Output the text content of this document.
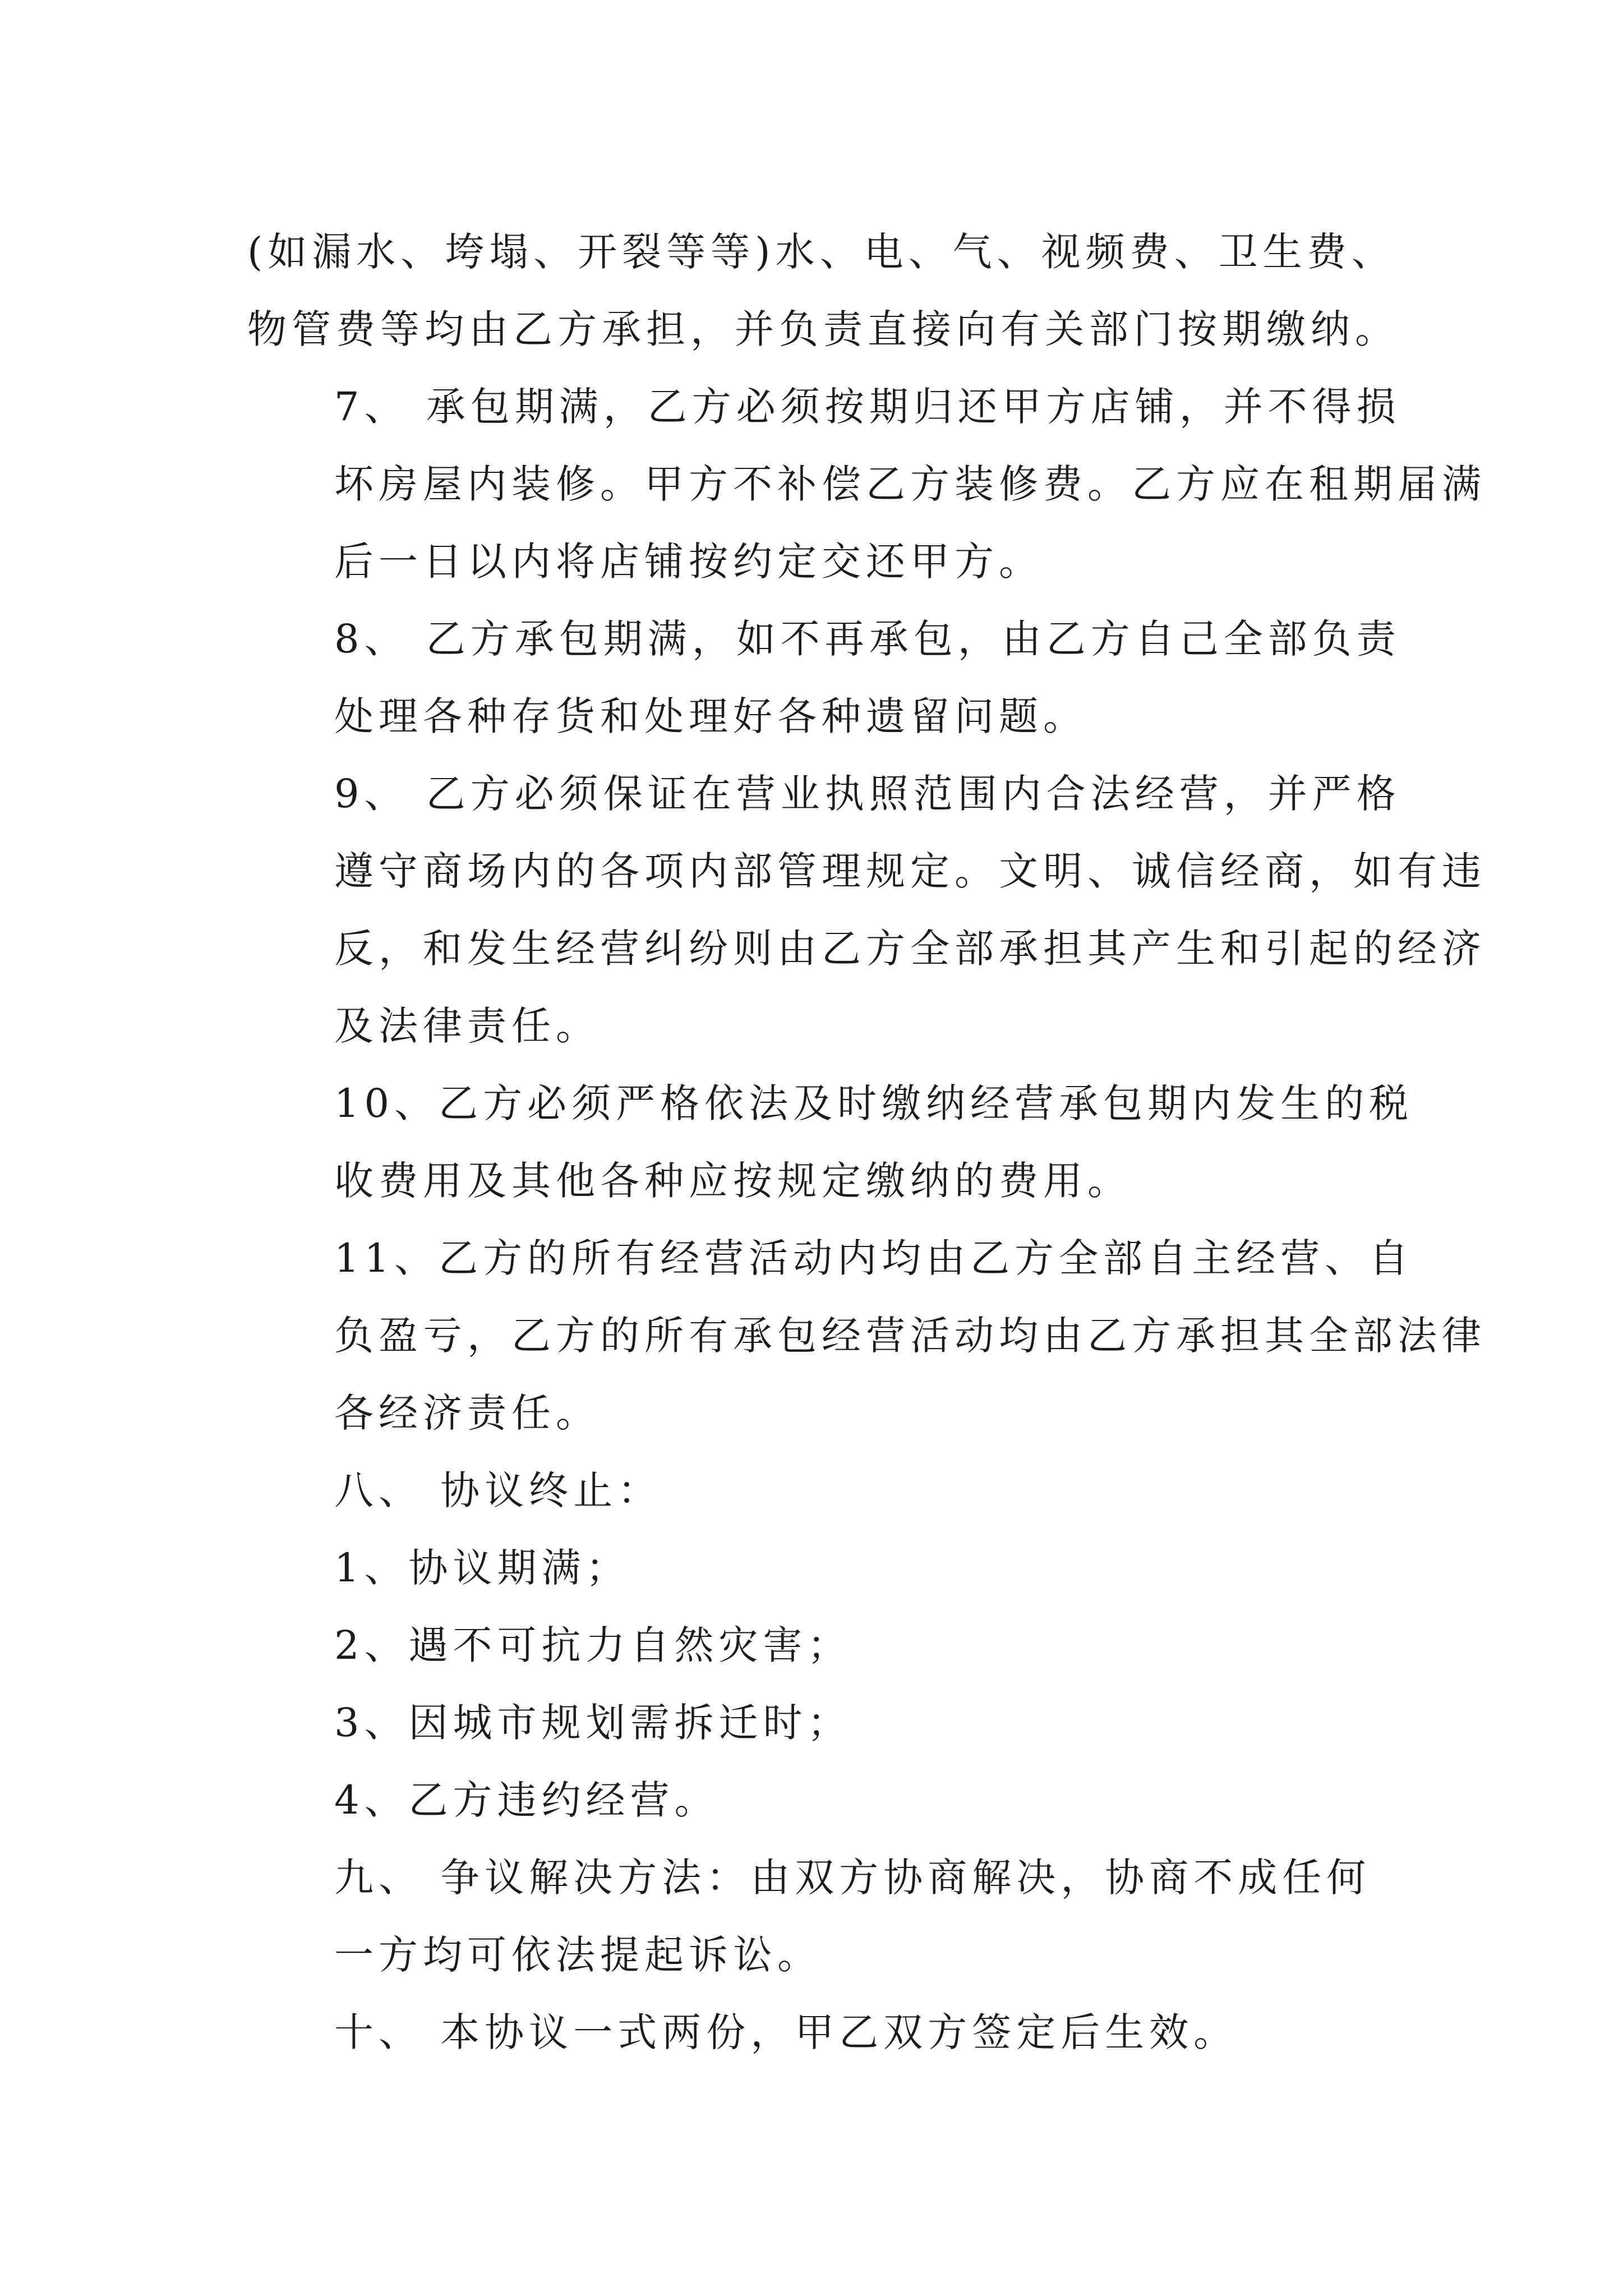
(如漏水、垮塌、开裂等等)水、电、气、视频费、卫生费、
物管费等均由乙方承担，并负责直接向有关部门按期缴纳。
7、 承包期满，乙方必须按期归还甲方店铺，并不得损
坏房屋内装修。甲方不补偿乙方装修费。乙方应在租期届满
后一日以内将店铺按约定交还甲方。
8、 乙方承包期满，如不再承包，由乙方自己全部负责
处理各种存货和处理好各种遗留问题。
9、 乙方必须保证在营业执照范围内合法经营，并严格
遵守商场内的各项内部管理规定。文明、诚信经商，如有违
反，和发生经营纠纷则由乙方全部承担其产生和引起的经济
及法律责任。
10、乙方必须严格依法及时缴纳经营承包期内发生的税
收费用及其他各种应按规定缴纳的费用。
11、乙方的所有经营活动内均由乙方全部自主经营、自
负盈亏，乙方的所有承包经营活动均由乙方承担其全部法律
各经济责任。
八、 协议终止：
1、协议期满；
2、遇不可抗力自然灾害；
3、因城市规划需拆迁时；
4、乙方违约经营。
九、 争议解决方法：由双方协商解决，协商不成任何
一方均可依法提起诉讼。
十、 本协议一式两份，甲乙双方签定后生效。
